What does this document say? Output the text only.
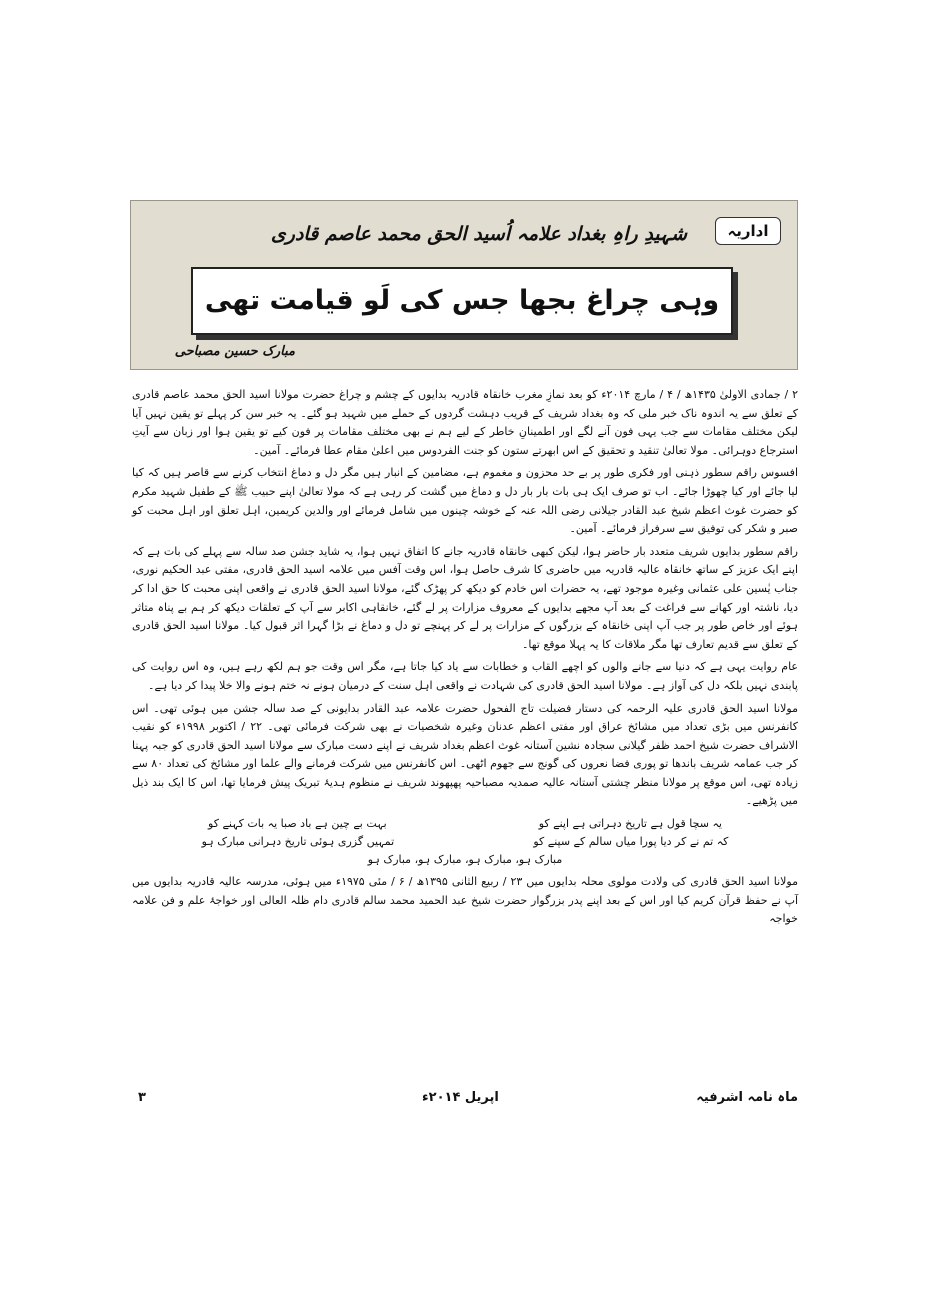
اداریہ
شہیدِ راہِ بغداد علامہ اُسید الحق محمد عاصم قادری
وہی چراغ بجھا جس کی لَو قیامت تھی
مبارک حسین مصباحی

۲ / جمادی الاولیٰ ۱۴۳۵ھ / ۴ / مارچ ۲۰۱۴ء کو بعد نمازِ مغرب خانقاہ قادریہ بدایوں کے چشم و چراغ حضرت مولانا اسید الحق محمد عاصم قادری کے تعلق سے یہ اندوہ ناک خبر ملی کہ وہ بغداد شریف کے قریب دہشت گردوں کے حملے میں شہید ہو گئے۔ یہ خبر سن کر پہلے تو یقین نہیں آیا لیکن مختلف مقامات سے جب یہی فون آنے لگے اور اطمینانِ خاطر کے لیے ہم نے بھی مختلف مقامات پر فون کیے تو یقین ہوا اور زبان سے آیتِ استرجاع دوہرائی۔ مولا تعالیٰ تنقید و تحقیق کے اس ابھرتے ستون کو جنت الفردوس میں اعلیٰ مقام عطا فرمائے۔ آمین۔

افسوس راقم سطور ذہنی اور فکری طور پر بے حد محزون و مغموم ہے، مضامین کے انبار ہیں مگر دل و دماغ انتخاب کرنے سے قاصر ہیں کہ کیا لیا جائے اور کیا چھوڑا جائے۔ اب تو صرف ایک ہی بات بار بار دل و دماغ میں گشت کر رہی ہے کہ مولا تعالیٰ اپنے حبیب ﷺ کے طفیل شہید مکرم کو حضرت غوث اعظم شیخ عبد القادر جیلانی رضی اللہ عنہ کے خوشہ چینوں میں شامل فرمائے اور والدین کریمین، اہل تعلق اور اہل محبت کو صبر و شکر کی توفیق سے سرفراز فرمائے۔ آمین۔

راقم سطور بدایوں شریف متعدد بار حاضر ہوا، لیکن کبھی خانقاہ قادریہ جانے کا اتفاق نہیں ہوا، یہ شاید جشن صد سالہ سے پہلے کی بات ہے کہ اپنے ایک عزیز کے ساتھ خانقاہ عالیہ قادریہ میں حاضری کا شرف حاصل ہوا، اس وقت آفس میں علامہ اسید الحق قادری، مفتی عبد الحکیم نوری، جناب یٰسین علی عثمانی وغیرہ موجود تھے، یہ حضرات اس خادم کو دیکھ کر پھڑک گئے، مولانا اسید الحق قادری نے واقعی اپنی محبت کا حق ادا کر دیا، ناشتہ اور کھانے سے فراغت کے بعد آپ مجھے بدایوں کے معروف مزارات پر لے گئے، خانقاہی اکابر سے آپ کے تعلقات دیکھ کر ہم بے پناہ متاثر ہوئے اور خاص طور پر جب آپ اپنی خانقاہ کے بزرگوں کے مزارات پر لے کر پہنچے تو دل و دماغ نے بڑا گہرا اثر قبول کیا۔ مولانا اسید الحق قادری کے تعلق سے قدیم تعارف تھا مگر ملاقات کا یہ پہلا موقع تھا۔

عام روایت یہی ہے کہ دنیا سے جانے والوں کو اچھے القاب و خطابات سے یاد کیا جاتا ہے، مگر اس وقت جو ہم لکھ رہے ہیں، وہ اس روایت کی پابندی نہیں بلکہ دل کی آواز ہے۔ مولانا اسید الحق قادری کی شہادت نے واقعی اہل سنت کے درمیان ہونے نہ ختم ہونے والا خلا پیدا کر دیا ہے۔

مولانا اسید الحق قادری علیہ الرحمہ کی دستار فضیلت تاج الفحول حضرت علامہ عبد القادر بدایونی کے صد سالہ جشن میں ہوئی تھی۔ اس کانفرنس میں بڑی تعداد میں مشائخ عراق اور مفتی اعظم عدنان وغیرہ شخصیات نے بھی شرکت فرمائی تھی۔ ۲۲ / اکتوبر ۱۹۹۸ء کو نقیب الاشراف حضرت شیخ احمد ظفر گیلانی سجادہ نشین آستانہ غوث اعظم بغداد شریف نے اپنے دست مبارک سے مولانا اسید الحق قادری کو جبہ پہنا کر جب عمامہ شریف باندھا تو پوری فضا نعروں کی گونج سے جھوم اٹھی۔ اس کانفرنس میں شرکت فرمانے والے علما اور مشائخ کی تعداد ۸۰ سے زیادہ تھی، اس موقع پر مولانا منظر چشتی آستانہ عالیہ صمدیہ مصباحیہ پھپھوند شریف نے منظوم ہدیۂ تبریک پیش فرمایا تھا، اس کا ایک بند ذیل میں پڑھیے۔

یہ سچا قول ہے تاریخ دہراتی ہے اپنے کو
بہت بے چین ہے باد صبا یہ بات کہنے کو
کہ تم نے کر دیا پورا میاں سالم کے سپنے کو
تمہیں گزری ہوئی تاریخ دہرانی مبارک ہو
مبارک ہو، مبارک ہو، مبارک ہو، مبارک ہو

مولانا اسید الحق قادری کی ولادت مولوی محلہ بدایوں میں ۲۳ / ربیع الثانی ۱۳۹۵ھ / ۶ / مئی ۱۹۷۵ء میں ہوئی، مدرسہ عالیہ قادریہ بدایوں میں آپ نے حفظ قرآن کریم کیا اور اس کے بعد اپنے پدر بزرگوار حضرت شیخ عبد الحمید محمد سالم قادری دام ظلہ العالی اور خواجۂ علم و فن علامہ خواجہ

ماہ نامہ اشرفیہ
اپریل ۲۰۱۴ء
۳
